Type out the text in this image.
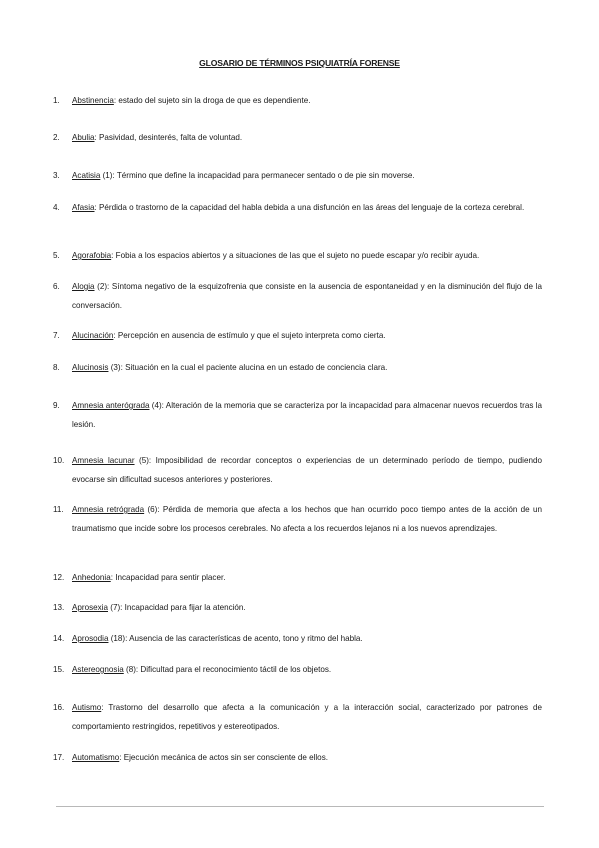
GLOSARIO DE TÉRMINOS PSIQUIATRÍA FORENSE
1.	Abstinencia: estado del sujeto sin la droga de que es dependiente.
2.	Abulia: Pasividad, desinterés, falta de voluntad.
3.	Acatisia (1): Término que define la incapacidad para permanecer sentado o de pie sin moverse.
4.	Afasia: Pérdida o trastorno de la capacidad del habla debida a una disfunción en las áreas del lenguaje de la corteza cerebral.
5.	Agorafobia: Fobia a los espacios abiertos y a situaciones de las que el sujeto no puede escapar y/o recibir ayuda.
6.	Alogia (2): Síntoma negativo de la esquizofrenia que consiste en la ausencia de espontaneidad y en la disminución del flujo de la conversación.
7.	Alucinación: Percepción en ausencia de estímulo y que el sujeto interpreta como cierta.
8.	Alucinosis (3): Situación en la cual el paciente alucina en un estado de conciencia clara.
9.	Amnesia anterógrada (4): Alteración de la memoria que se caracteriza por la incapacidad para almacenar nuevos recuerdos tras la lesión.
10. Amnesia lacunar (5): Imposibilidad de recordar conceptos o experiencias de un determinado período de tiempo, pudiendo evocarse sin dificultad sucesos anteriores y posteriores.
11.	Amnesia retrógrada (6): Pérdida de memoria que afecta a los hechos que han ocurrido poco tiempo antes de la acción de un traumatismo que incide sobre los procesos cerebrales. No afecta a los recuerdos lejanos ni a los nuevos aprendizajes.
12. Anhedonia: Incapacidad para sentir placer.
13. Aprosexia (7): Incapacidad para fijar la atención.
14. Aprosodia (18): Ausencia de las características de acento, tono y ritmo del habla.
15. Astereognosia (8): Dificultad para el reconocimiento táctil de los objetos.
16. Autismo: Trastorno del desarrollo que afecta a la comunicación y a la interacción social, caracterizado por patrones de comportamiento restringidos, repetitivos y estereotipados.
17. Automatismo: Ejecución mecánica de actos sin ser consciente de ellos.
